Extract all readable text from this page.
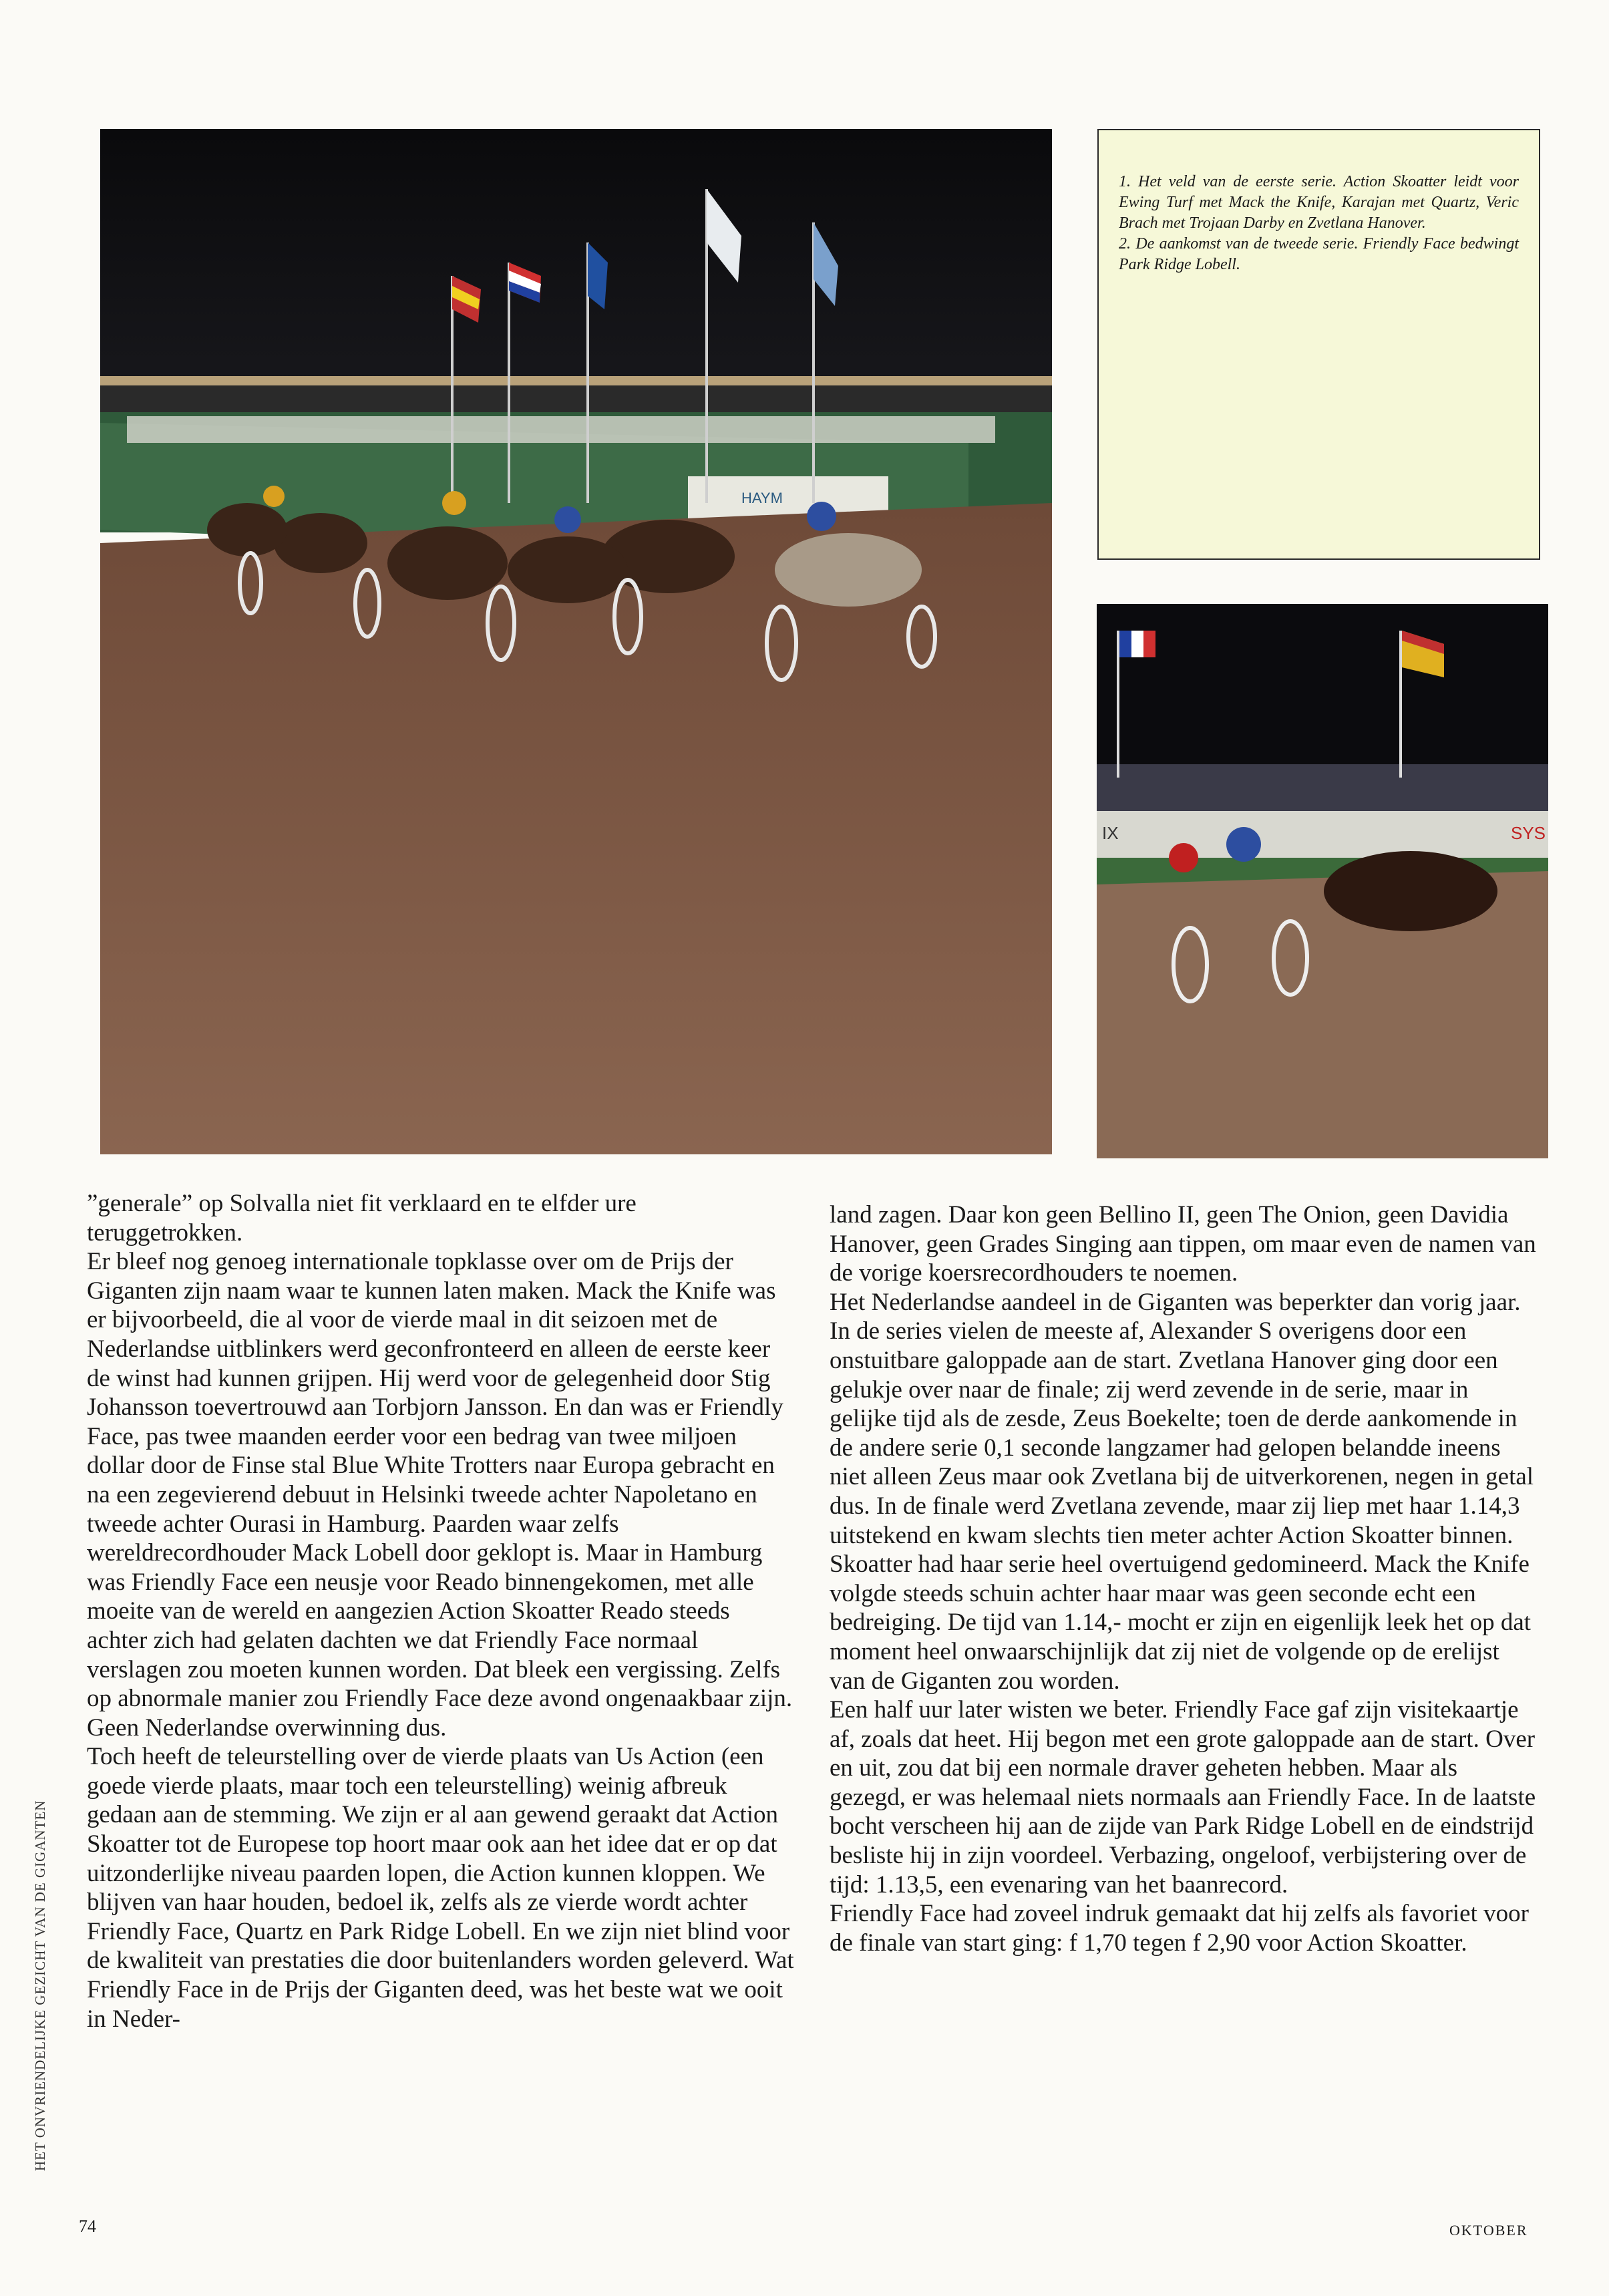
HAYM

1. Het veld van de eerste serie. Action Skoatter leidt voor Ewing Turf met Mack the Knife, Karajan met Quartz, Veric Brach met Trojaan Darby en Zvetlana Hanover.

2. De aankomst van de tweede serie. Friendly Face bedwingt Park Ridge Lobell.

IX	SYS

”generale” op Solvalla niet fit verklaard en te elfder ure teruggetrokken.

Er bleef nog genoeg internationale topklasse over om de Prijs der Giganten zijn naam waar te kunnen laten maken. Mack the Knife was er bijvoorbeeld, die al voor de vierde maal in dit seizoen met de Nederlandse uitblinkers werd geconfronteerd en alleen de eerste keer de winst had kunnen grijpen. Hij werd voor de gelegenheid door Stig Johansson toevertrouwd aan Torbjorn Jansson. En dan was er Friendly Face, pas twee maanden eerder voor een bedrag van twee miljoen dollar door de Finse stal Blue White Trotters naar Europa gebracht en na een zegevierend debuut in Helsinki tweede achter Napoletano en tweede achter Ourasi in Hamburg. Paarden waar zelfs wereldrecordhouder Mack Lobell door geklopt is. Maar in Hamburg was Friendly Face een neusje voor Reado binnengekomen, met alle moeite van de wereld en aangezien Action Skoatter Reado steeds achter zich had gelaten dachten we dat Friendly Face normaal verslagen zou moeten kunnen worden. Dat bleek een vergissing. Zelfs op abnormale manier zou Friendly Face deze avond ongenaakbaar zijn. Geen Nederlandse overwinning dus.

Toch heeft de teleurstelling over de vierde plaats van Us Action (een goede vierde plaats, maar toch een teleurstelling) weinig afbreuk gedaan aan de stemming. We zijn er al aan gewend geraakt dat Action Skoatter tot de Europese top hoort maar ook aan het idee dat er op dat uitzonderlijke niveau paarden lopen, die Action kunnen kloppen. We blijven van haar houden, bedoel ik, zelfs als ze vierde wordt achter Friendly Face, Quartz en Park Ridge Lobell. En we zijn niet blind voor de kwaliteit van prestaties die door buitenlanders worden geleverd. Wat Friendly Face in de Prijs der Giganten deed, was het beste wat we ooit in Neder-

land zagen. Daar kon geen Bellino II, geen The Onion, geen Davidia Hanover, geen Grades Singing aan tippen, om maar even de namen van de vorige koersrecordhouders te noemen.

Het Nederlandse aandeel in de Giganten was beperkter dan vorig jaar. In de series vielen de meeste af, Alexander S overigens door een onstuitbare galoppade aan de start. Zvetlana Hanover ging door een gelukje over naar de finale; zij werd zevende in de serie, maar in gelijke tijd als de zesde, Zeus Boekelte; toen de derde aankomende in de andere serie 0,1 seconde langzamer had gelopen belandde ineens niet alleen Zeus maar ook Zvetlana bij de uitverkorenen, negen in getal dus. In de finale werd Zvetlana zevende, maar zij liep met haar 1.14,3 uitstekend en kwam slechts tien meter achter Action Skoatter binnen.

Skoatter had haar serie heel overtuigend gedomineerd. Mack the Knife volgde steeds schuin achter haar maar was geen seconde echt een bedreiging. De tijd van 1.14,- mocht er zijn en eigenlijk leek het op dat moment heel onwaarschijnlijk dat zij niet de volgende op de erelijst van de Giganten zou worden.

Een half uur later wisten we beter. Friendly Face gaf zijn visitekaartje af, zoals dat heet. Hij begon met een grote galoppade aan de start. Over en uit, zou dat bij een normale draver geheten hebben. Maar als gezegd, er was helemaal niets normaals aan Friendly Face. In de laatste bocht verscheen hij aan de zijde van Park Ridge Lobell en de eindstrijd besliste hij in zijn voordeel. Verbazing, ongeloof, verbijstering over de tijd: 1.13,5, een evenaring van het baanrecord.

Friendly Face had zoveel indruk gemaakt dat hij zelfs als favoriet voor de finale van start ging: f 1,70 tegen f 2,90 voor Action Skoatter.

HET ONVRIENDELIJKE GEZICHT VAN DE GIGANTEN
74	OKTOBER
